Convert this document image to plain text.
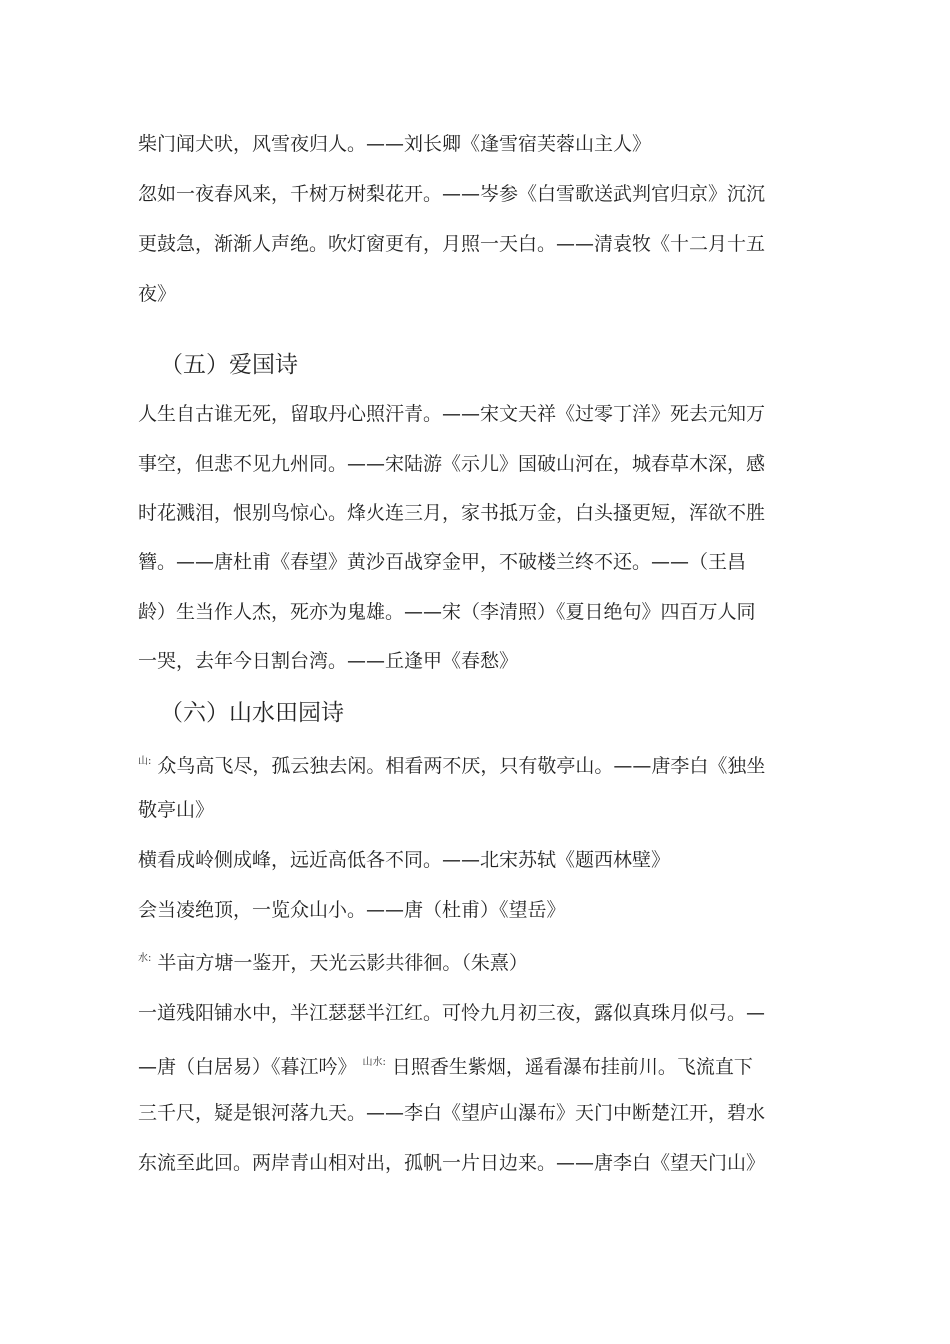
柴门闻犬吠，风雪夜归人。——刘长卿《逢雪宿芙蓉山主人》
忽如一夜春风来，千树万树梨花开。——岑参《白雪歌送武判官归京》沉沉
更鼓急，渐渐人声绝。吹灯窗更有，月照一天白。——清袁牧《十二月十五
夜》
（五）爱国诗
人生自古谁无死，留取丹心照汗青。——宋文天祥《过零丁洋》死去元知万
事空，但悲不见九州同。——宋陆游《示儿》国破山河在，城春草木深，感
时花溅泪，恨别鸟惊心。烽火连三月，家书抵万金，白头搔更短，浑欲不胜
簪。——唐杜甫《春望》黄沙百战穿金甲，不破楼兰终不还。——（王昌
龄）生当作人杰，死亦为鬼雄。——宋（李清照）《夏日绝句》四百万人同
一哭，去年今日割台湾。——丘逢甲《春愁》
（六）山水田园诗
$^{山:}$ 众鸟高飞尽，孤云独去闲。相看两不厌，只有敬亭山。——唐李白《独坐
敬亭山》
横看成岭侧成峰，远近高低各不同。——北宋苏轼《题西林壁》
会当凌绝顶，一览众山小。——唐（杜甫）《望岳》
$^{水:}$ 半亩方塘一鉴开，天光云影共徘徊。（朱熹）
一道残阳铺水中，半江瑟瑟半江红。可怜九月初三夜，露似真珠月似弓。—
—唐（白居易）《暮江吟》 $^{山水:}$ 日照香生紫烟，遥看瀑布挂前川。飞流直下
三千尺，疑是银河落九天。——李白《望庐山瀑布》天门中断楚江开，碧水
东流至此回。两岸青山相对出，孤帆一片日边来。——唐李白《望天门山》
